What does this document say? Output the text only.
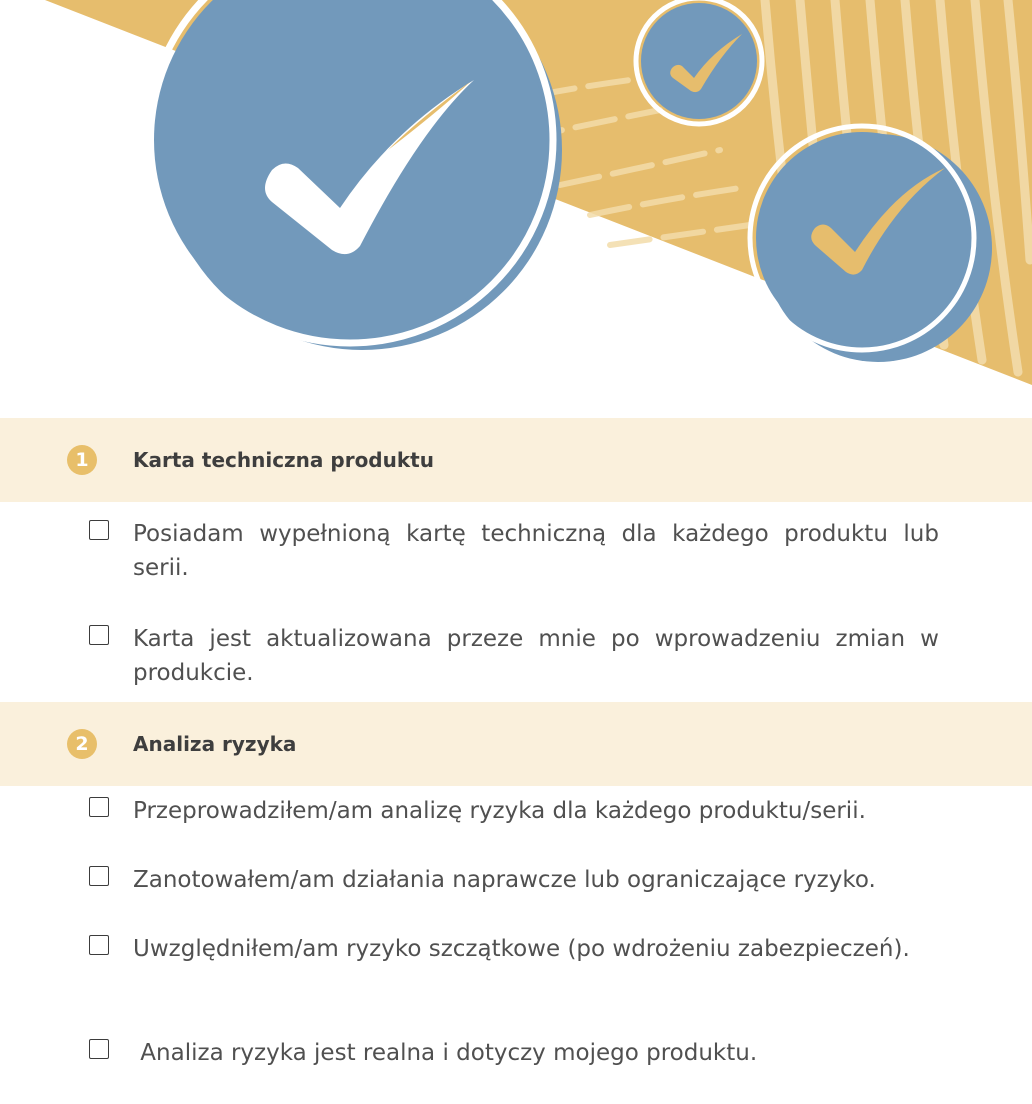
1	Karta techniczna produktu
Posiadam wypełnioną kartę techniczną dla każdego produktu lub serii.
Karta jest aktualizowana przeze mnie po wprowadzeniu zmian w produkcie.
2	Analiza ryzyka
Przeprowadziłem/am analizę ryzyka dla każdego produktu/serii.
Zanotowałem/am działania naprawcze lub ograniczające ryzyko.
Uwzględniłem/am ryzyko szczątkowe (po wdrożeniu zabezpieczeń).
Analiza ryzyka jest realna i dotyczy mojego produktu.
